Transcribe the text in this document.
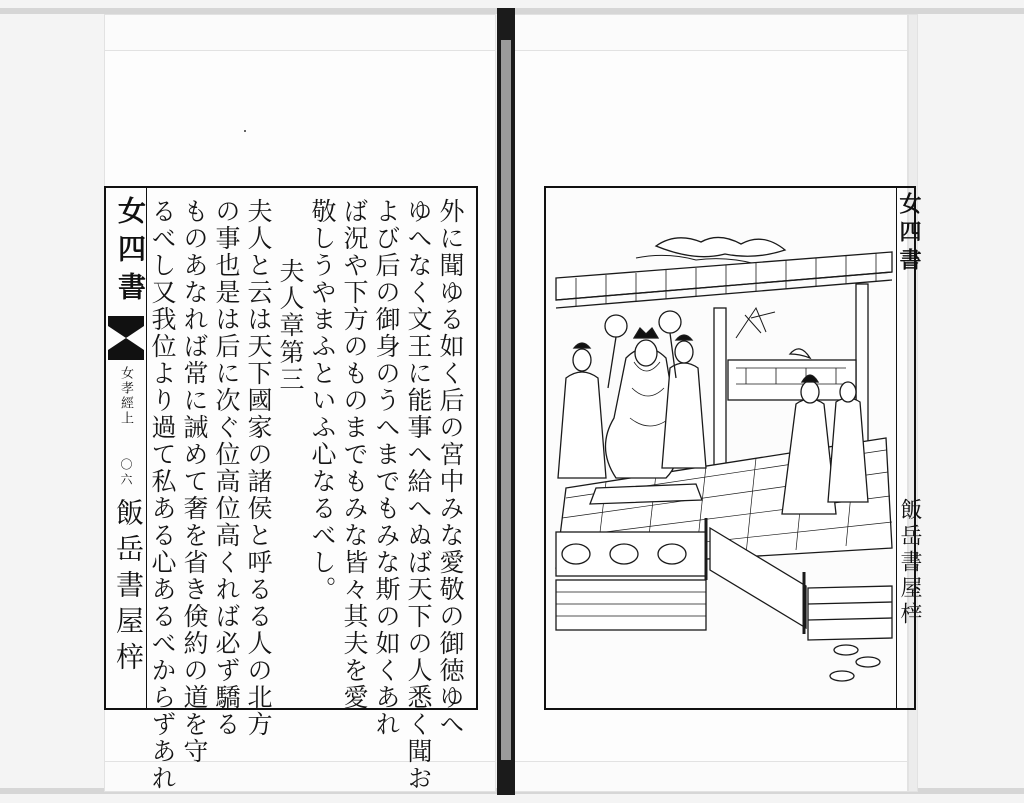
女四書
女孝經上
〇六
飯岳書屋梓	外に聞ゆる如く后の宮中みな愛敬の御徳ゆへ
ゆへなく文王に能事へ給へぬば天下の人悉く聞お
よび后の御身のうへまでもみな斯の如くあれ
ば況や下方のものまでもみな皆々其夫を愛
敬しうやまふといふ心なるべし。
夫人章第三
夫人と云は天下國家の諸侯と呼るる人の北方
の事也是は后に次ぐ位高位高くれば必ず驕る
ものあなれば常に誡めて奢を省き倹約の道を守
るべし又我位より過て私ある心あるべからずあれ	女四書
飯岳書屋梓
